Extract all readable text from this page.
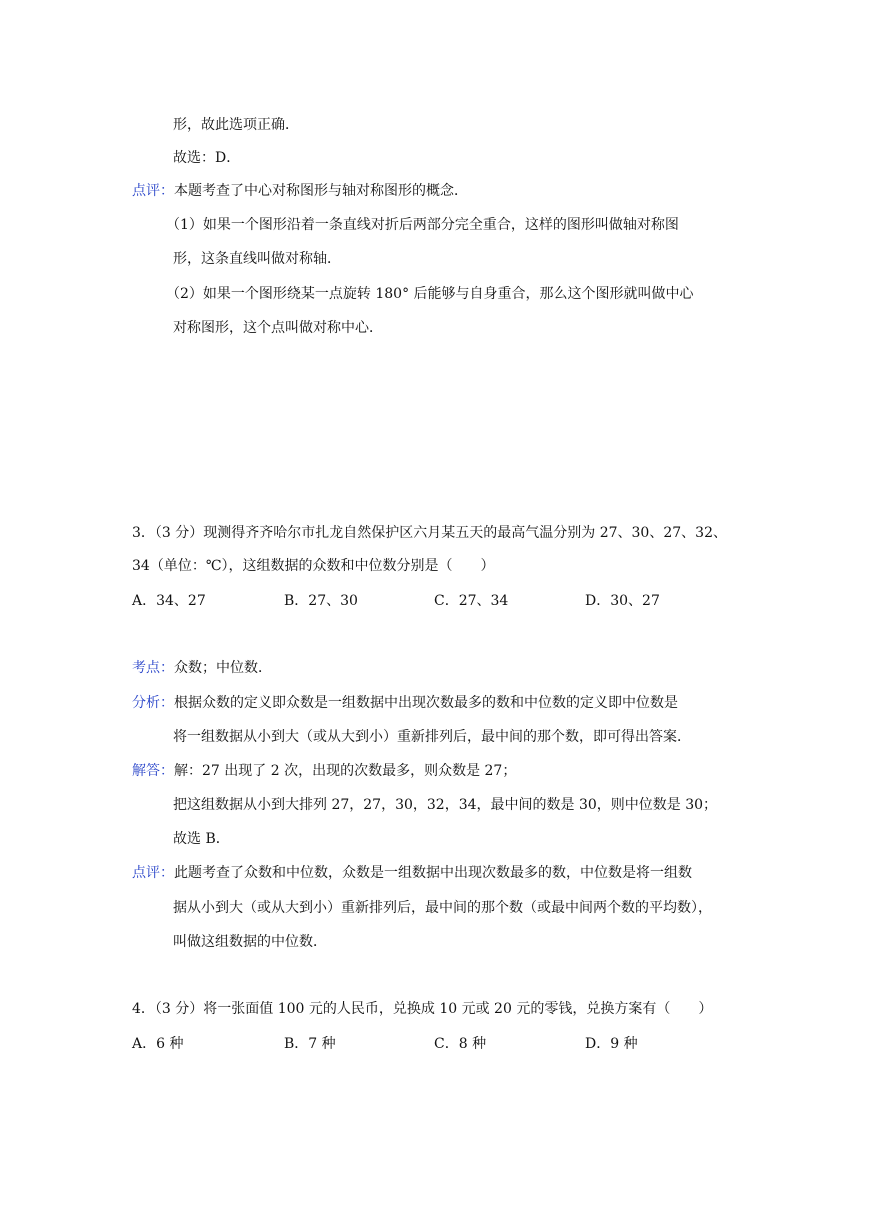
形，故此选项正确．
故选：D．
点评：本题考查了中心对称图形与轴对称图形的概念．
（1）如果一个图形沿着一条直线对折后两部分完全重合，这样的图形叫做轴对称图
形，这条直线叫做对称轴．
（2）如果一个图形绕某一点旋转 180° 后能够与自身重合，那么这个图形就叫做中心
对称图形，这个点叫做对称中心．
3．（3 分）现测得齐齐哈尔市扎龙自然保护区六月某五天的最高气温分别为 27、30、27、32、
34（单位：℃），这组数据的众数和中位数分别是（　　）
A．34、27	B．27、30	C．27、34	D．30、27
考点：众数；中位数．
分析：根据众数的定义即众数是一组数据中出现次数最多的数和中位数的定义即中位数是
将一组数据从小到大（或从大到小）重新排列后，最中间的那个数，即可得出答案．
解答：解：27 出现了 2 次，出现的次数最多，则众数是 27；
把这组数据从小到大排列 27，27，30，32，34，最中间的数是 30，则中位数是 30；
故选 B．
点评：此题考查了众数和中位数，众数是一组数据中出现次数最多的数，中位数是将一组数
据从小到大（或从大到小）重新排列后，最中间的那个数（或最中间两个数的平均数），
叫做这组数据的中位数．
4．（3 分）将一张面值 100 元的人民币，兑换成 10 元或 20 元的零钱，兑换方案有（　　）
A．6 种	B．7 种	C．8 种	D．9 种
